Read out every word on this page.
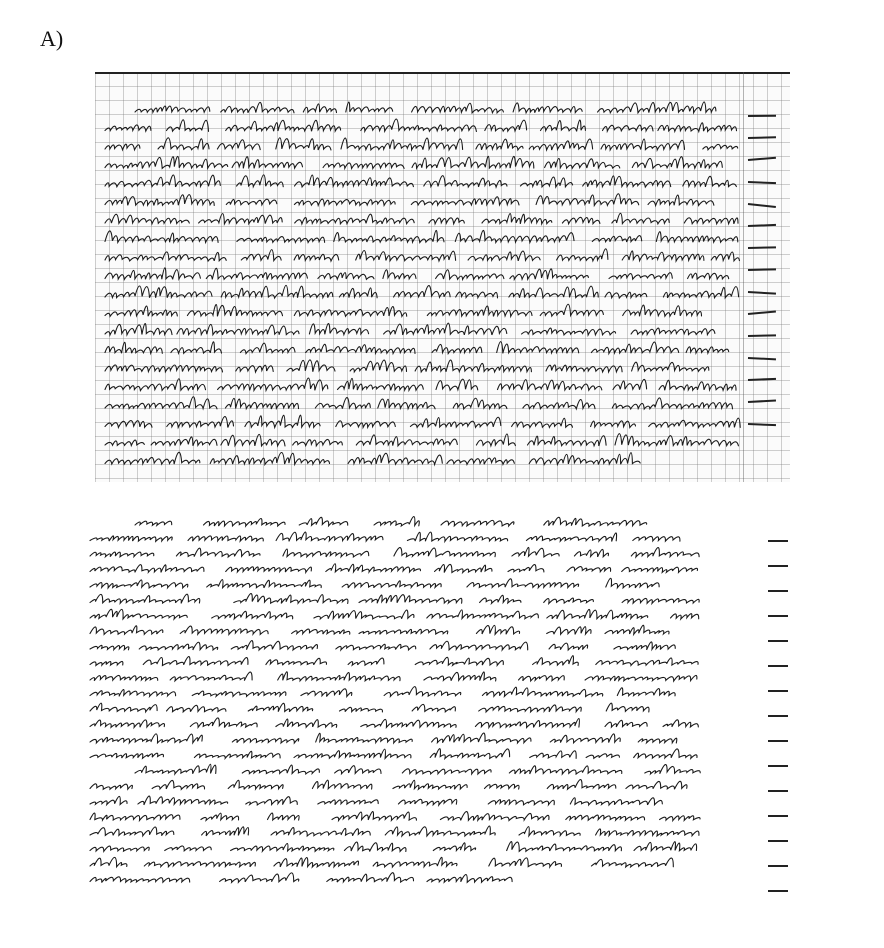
A)
